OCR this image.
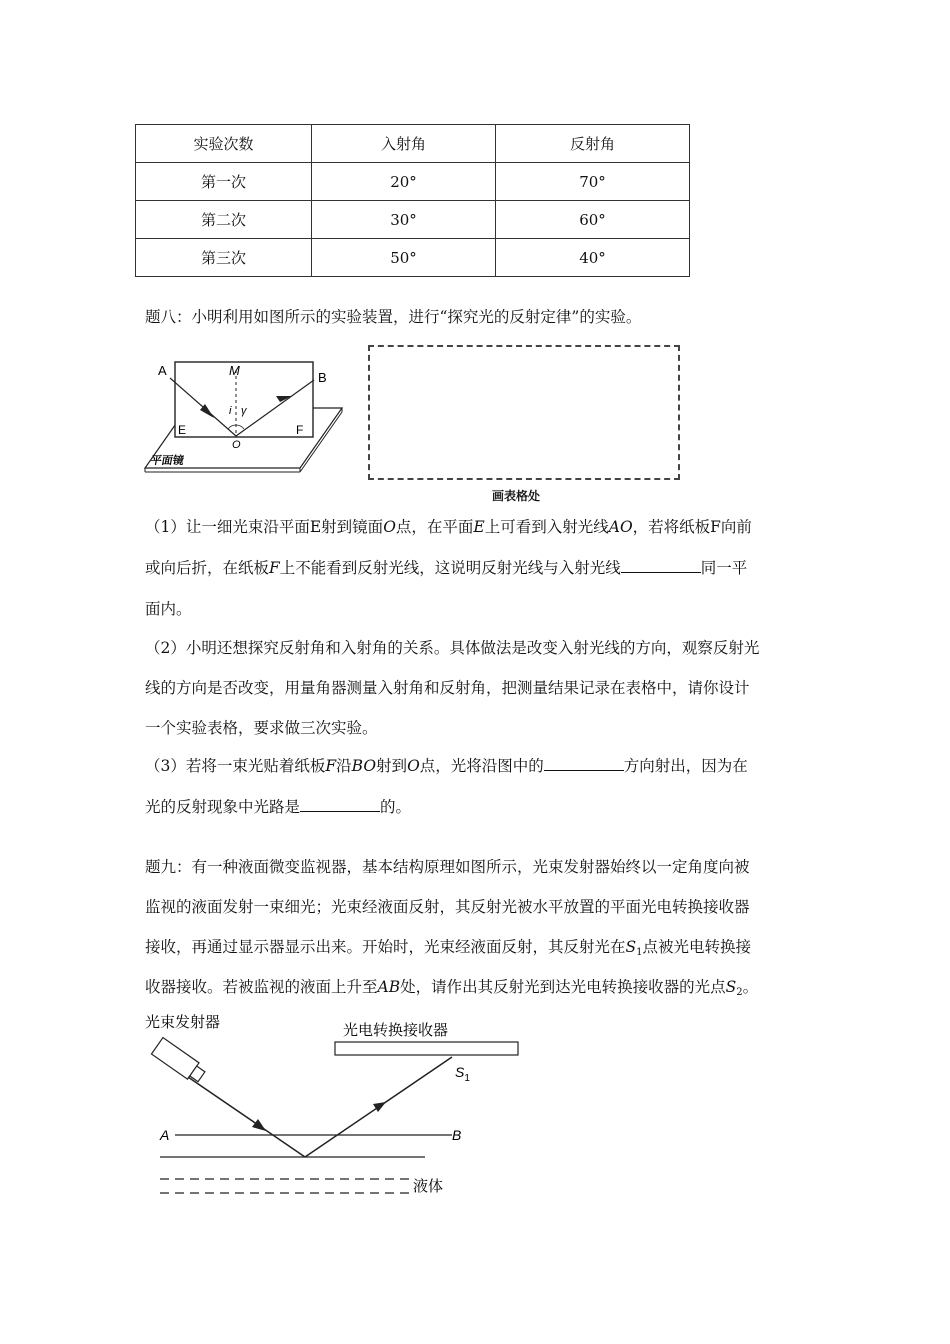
实验次数	入射角	反射角
第一次	20°	70°
第二次	30°	60°
第三次	50°	40°
题八：小明利用如图所示的实验装置，进行“探究光的反射定律”的实验。
A	M	B
i γ
E
O
F
平面镜
画表格处
（1）让一细光束沿平面E射到镜面O点，在平面E上可看到入射光线AO，若将纸板F向前
或向后折，在纸板F上不能看到反射光线，这说明反射光线与入射光线	同一平
面内。
（2）小明还想探究反射角和入射角的关系。具体做法是改变入射光线的方向，观察反射光
线的方向是否改变，用量角器测量入射角和反射角，把测量结果记录在表格中，请你设计
一个实验表格，要求做三次实验。
（3）若将一束光贴着纸板F沿BO射到O点，光将沿图中的	方向射出，因为在
光的反射现象中光路是	的。
题九：有一种液面微变监视器，基本结构原理如图所示，光束发射器始终以一定角度向被
监视的液面发射一束细光；光束经液面反射，其反射光被水平放置的平面光电转换接收器
接收，再通过显示器显示出来。开始时，光束经液面反射，其反射光在$S_1$点被光电转换接
收器接收。若被监视的液面上升至AB处，请作出其反射光到达光电转换接收器的光点$S_2$。
光束发射器	光电转换接收器
$S_1$
A	B
液体
